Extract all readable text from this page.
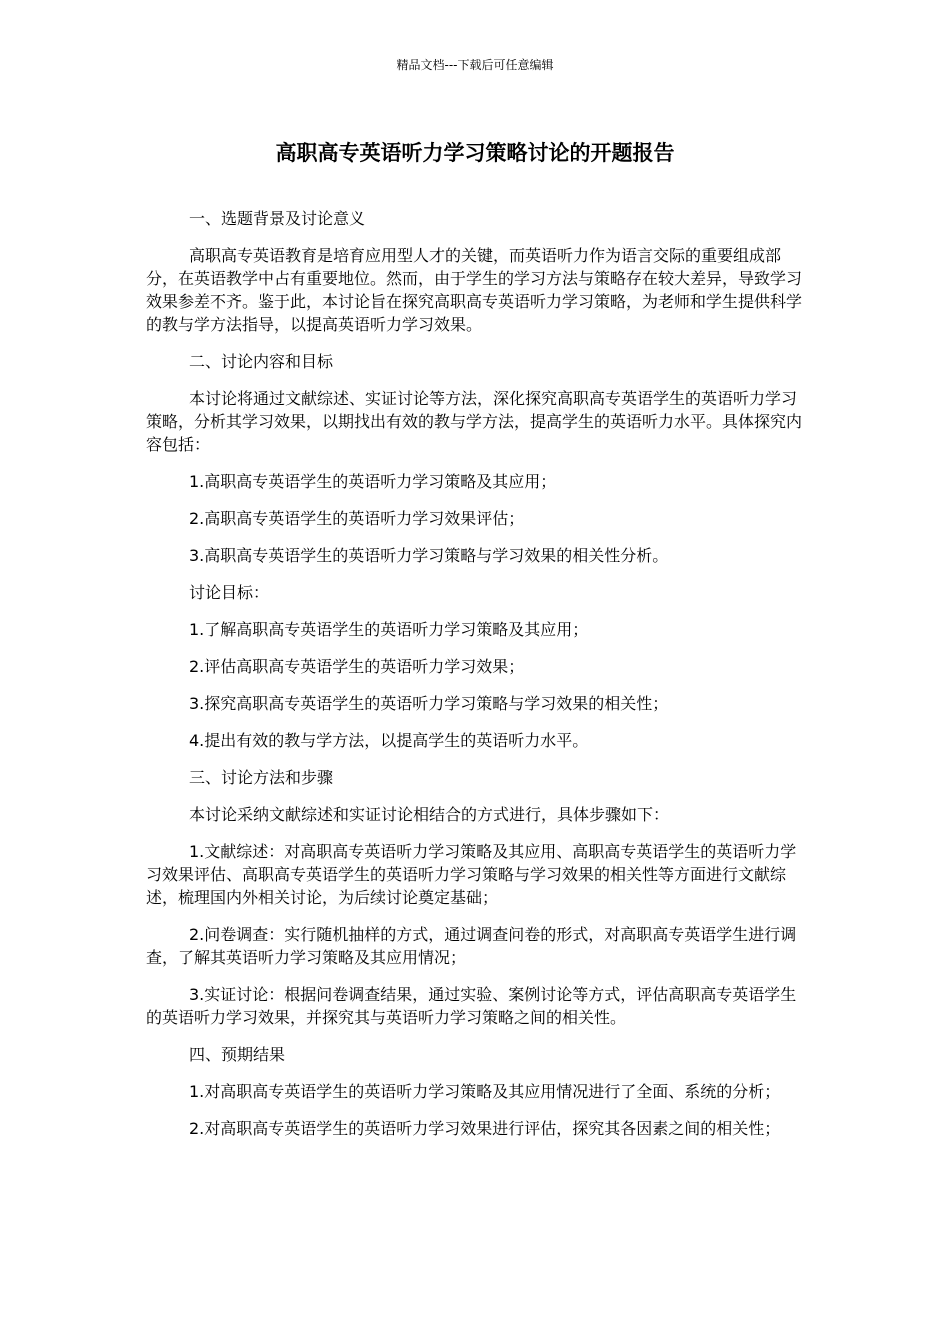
精品文档---下载后可任意编辑
高职高专英语听力学习策略讨论的开题报告

一、选题背景及讨论意义

高职高专英语教育是培育应用型人才的关键，而英语听力作为语言交际的重要组成部分，在英语教学中占有重要地位。然而，由于学生的学习方法与策略存在较大差异，导致学习效果参差不齐。鉴于此，本讨论旨在探究高职高专英语听力学习策略，为老师和学生提供科学的教与学方法指导，以提高英语听力学习效果。

二、讨论内容和目标

本讨论将通过文献综述、实证讨论等方法，深化探究高职高专英语学生的英语听力学习策略，分析其学习效果，以期找出有效的教与学方法，提高学生的英语听力水平。具体探究内容包括：

1.高职高专英语学生的英语听力学习策略及其应用；

2.高职高专英语学生的英语听力学习效果评估；

3.高职高专英语学生的英语听力学习策略与学习效果的相关性分析。

讨论目标：

1.了解高职高专英语学生的英语听力学习策略及其应用；

2.评估高职高专英语学生的英语听力学习效果；

3.探究高职高专英语学生的英语听力学习策略与学习效果的相关性；

4.提出有效的教与学方法，以提高学生的英语听力水平。

三、讨论方法和步骤

本讨论采纳文献综述和实证讨论相结合的方式进行，具体步骤如下：

1.文献综述：对高职高专英语听力学习策略及其应用、高职高专英语学生的英语听力学习效果评估、高职高专英语学生的英语听力学习策略与学习效果的相关性等方面进行文献综述，梳理国内外相关讨论，为后续讨论奠定基础；

2.问卷调查：实行随机抽样的方式，通过调查问卷的形式，对高职高专英语学生进行调查，了解其英语听力学习策略及其应用情况；

3.实证讨论：根据问卷调查结果，通过实验、案例讨论等方式，评估高职高专英语学生的英语听力学习效果，并探究其与英语听力学习策略之间的相关性。

四、预期结果

1.对高职高专英语学生的英语听力学习策略及其应用情况进行了全面、系统的分析；

2.对高职高专英语学生的英语听力学习效果进行评估，探究其各因素之间的相关性；
